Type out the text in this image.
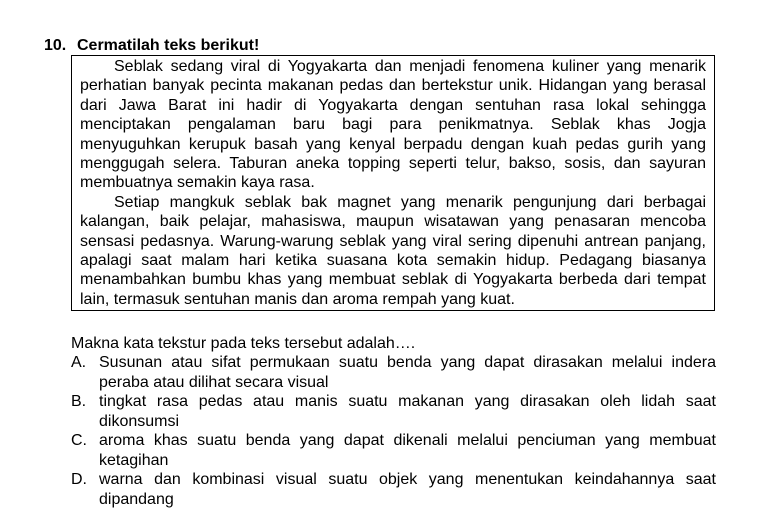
10. Cermatilah teks berikut!

Seblak sedang viral di Yogyakarta dan menjadi fenomena kuliner yang menarik perhatian banyak pecinta makanan pedas dan bertekstur unik. Hidangan yang berasal dari Jawa Barat ini hadir di Yogyakarta dengan sentuhan rasa lokal sehingga menciptakan pengalaman baru bagi para penikmatnya. Seblak khas Jogja menyuguhkan kerupuk basah yang kenyal berpadu dengan kuah pedas gurih yang menggugah selera. Taburan aneka topping seperti telur, bakso, sosis, dan sayuran membuatnya semakin kaya rasa.

Setiap mangkuk seblak bak magnet yang menarik pengunjung dari berbagai kalangan, baik pelajar, mahasiswa, maupun wisatawan yang penasaran mencoba sensasi pedasnya. Warung-warung seblak yang viral sering dipenuhi antrean panjang, apalagi saat malam hari ketika suasana kota semakin hidup. Pedagang biasanya menambahkan bumbu khas yang membuat seblak di Yogyakarta berbeda dari tempat lain, termasuk sentuhan manis dan aroma rempah yang kuat.

Makna kata tekstur pada teks tersebut adalah….
A. Susunan atau sifat permukaan suatu benda yang dapat dirasakan melalui indera peraba atau dilihat secara visual
B. tingkat rasa pedas atau manis suatu makanan yang dirasakan oleh lidah saat dikonsumsi
C. aroma khas suatu benda yang dapat dikenali melalui penciuman yang membuat ketagihan
D. warna dan kombinasi visual suatu objek yang menentukan keindahannya saat dipandang
